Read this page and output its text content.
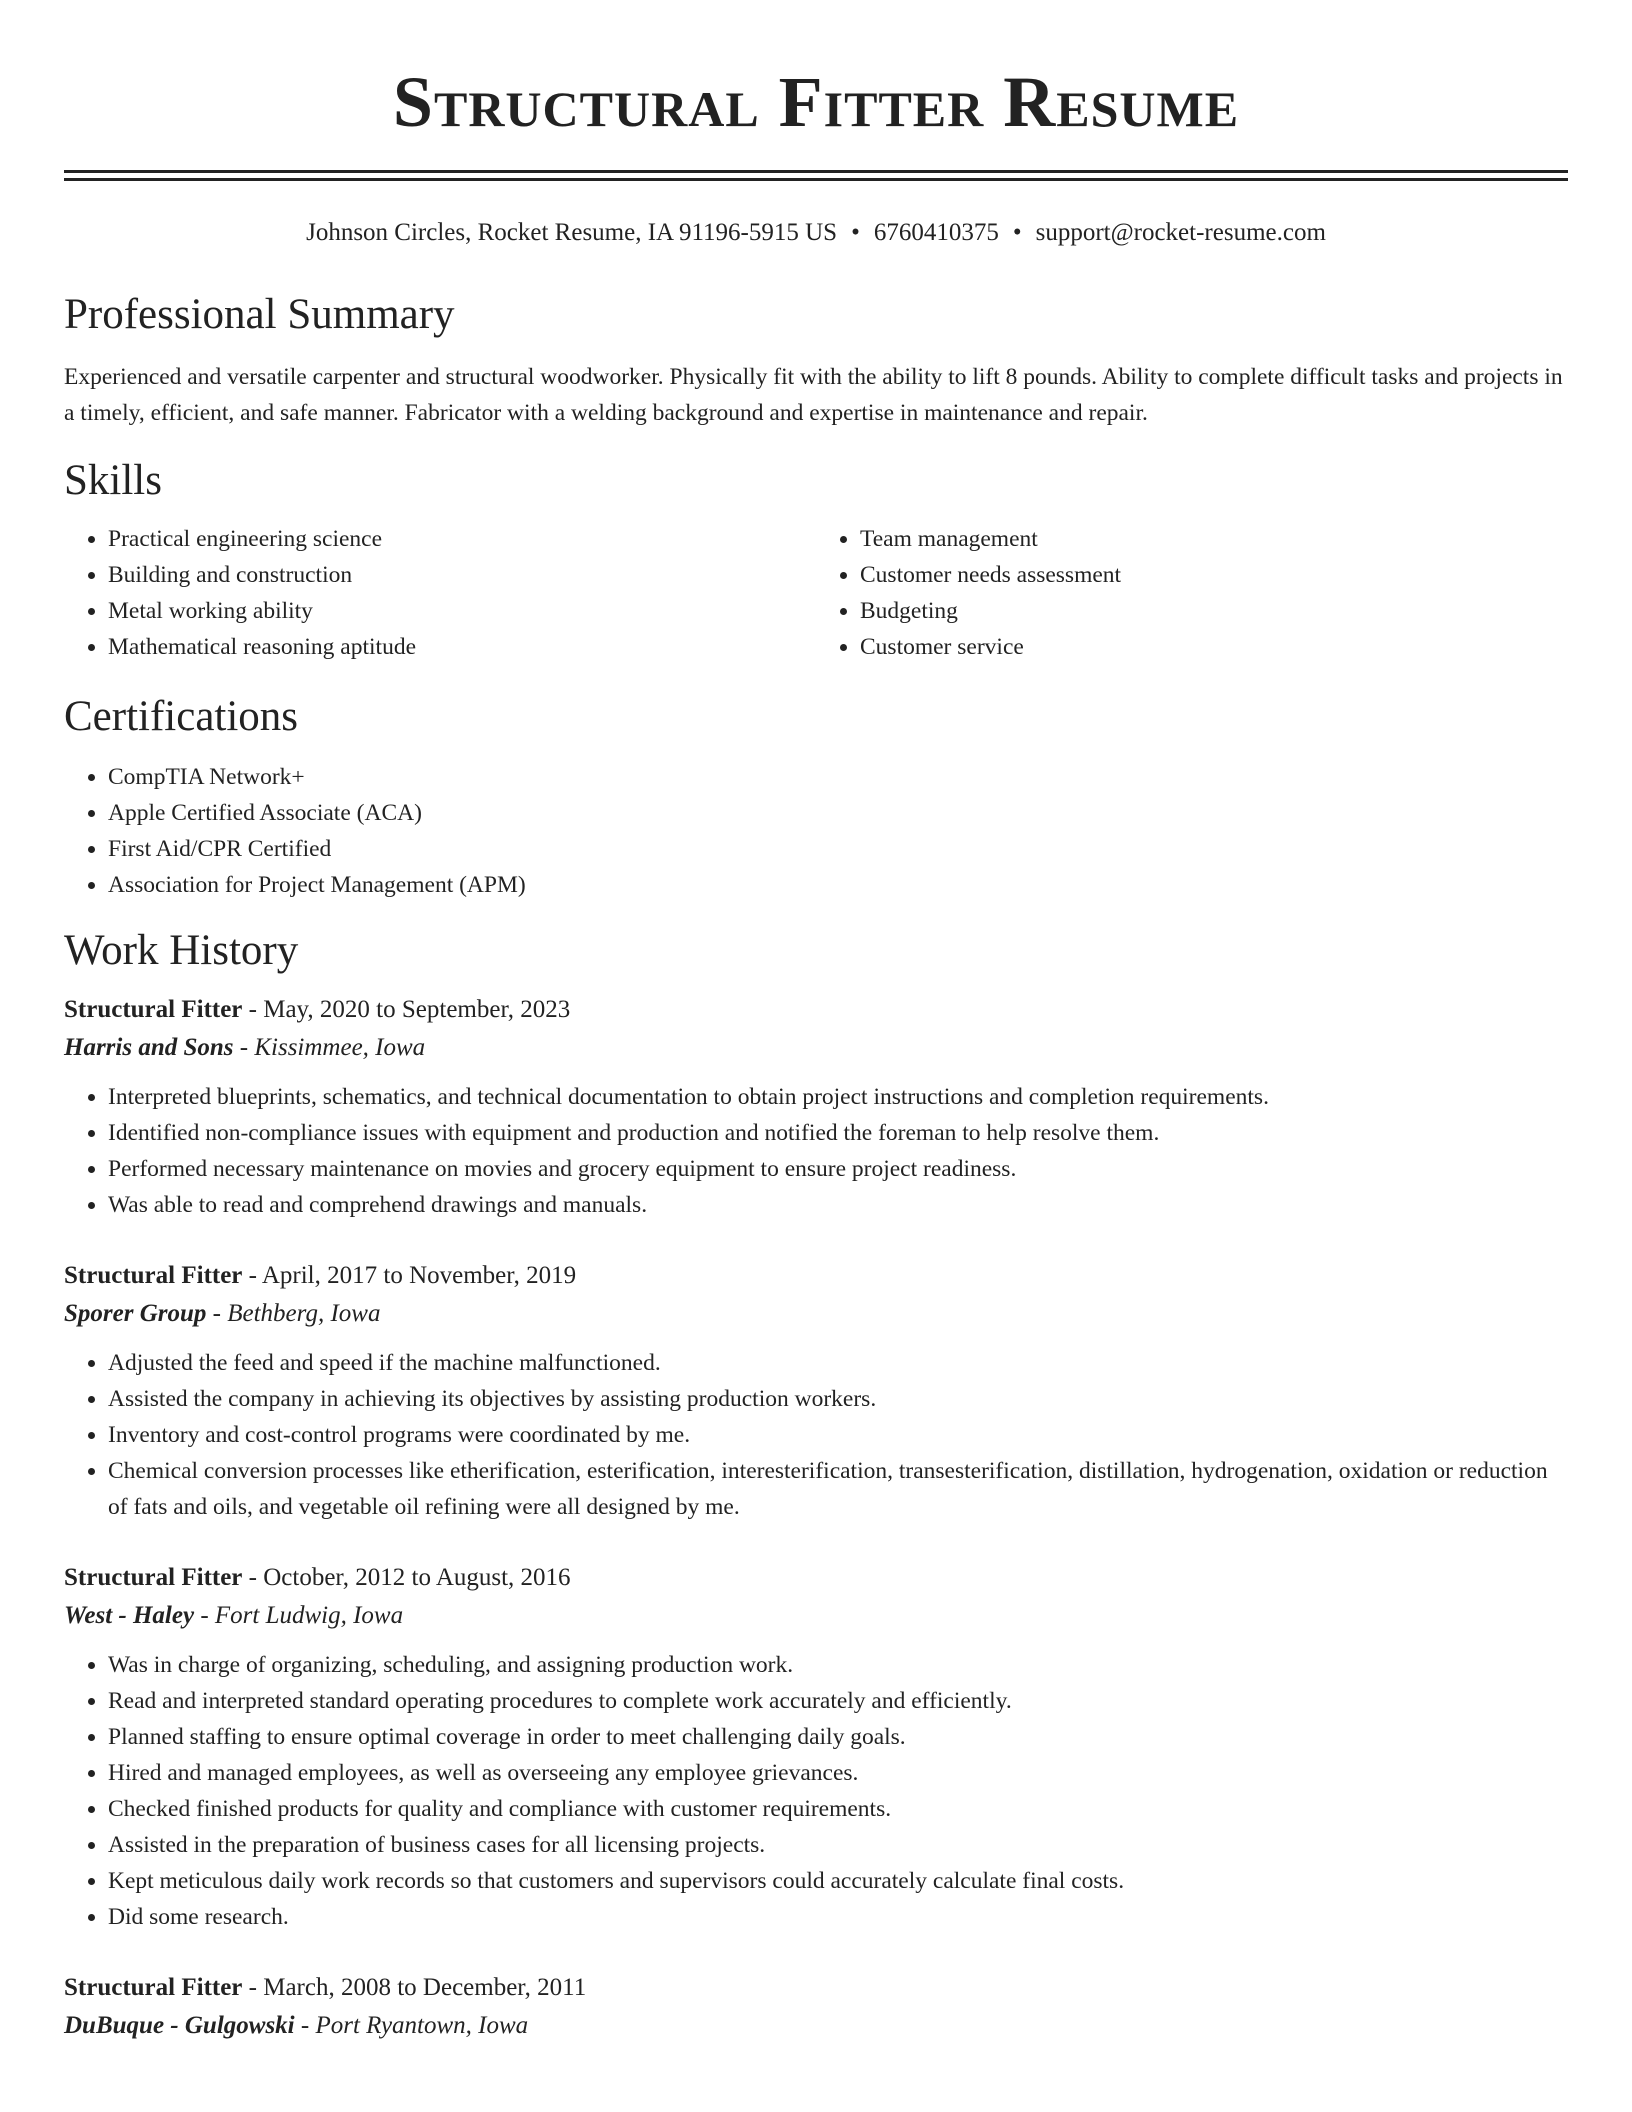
Structural Fitter Resume
Johnson Circles, Rocket Resume, IA 91196-5915 US • 6760410375 • support@rocket-resume.com
Professional Summary

Experienced and versatile carpenter and structural woodworker. Physically fit with the ability to lift 8 pounds. Ability to complete difficult tasks and projects in a timely, efficient, and safe manner. Fabricator with a welding background and expertise in maintenance and repair.

Skills
• Practical engineering science
• Building and construction
• Metal working ability
• Mathematical reasoning aptitude
• Team management
• Customer needs assessment
• Budgeting
• Customer service
Certifications
• CompTIA Network+
• Apple Certified Associate (ACA)
• First Aid/CPR Certified
• Association for Project Management (APM)
Work History
Structural Fitter - May, 2020 to September, 2023
Harris and Sons - Kissimmee, Iowa
• Interpreted blueprints, schematics, and technical documentation to obtain project instructions and completion requirements.
• Identified non-compliance issues with equipment and production and notified the foreman to help resolve them.
• Performed necessary maintenance on movies and grocery equipment to ensure project readiness.
• Was able to read and comprehend drawings and manuals.
Structural Fitter - April, 2017 to November, 2019
Sporer Group - Bethberg, Iowa
• Adjusted the feed and speed if the machine malfunctioned.
• Assisted the company in achieving its objectives by assisting production workers.
• Inventory and cost-control programs were coordinated by me.
• Chemical conversion processes like etherification, esterification, interesterification, transesterification, distillation, hydrogenation, oxidation or reduction of fats and oils, and vegetable oil refining were all designed by me.
Structural Fitter - October, 2012 to August, 2016
West - Haley - Fort Ludwig, Iowa
• Was in charge of organizing, scheduling, and assigning production work.
• Read and interpreted standard operating procedures to complete work accurately and efficiently.
• Planned staffing to ensure optimal coverage in order to meet challenging daily goals.
• Hired and managed employees, as well as overseeing any employee grievances.
• Checked finished products for quality and compliance with customer requirements.
• Assisted in the preparation of business cases for all licensing projects.
• Kept meticulous daily work records so that customers and supervisors could accurately calculate final costs.
• Did some research.
Structural Fitter - March, 2008 to December, 2011
DuBuque - Gulgowski - Port Ryantown, Iowa
